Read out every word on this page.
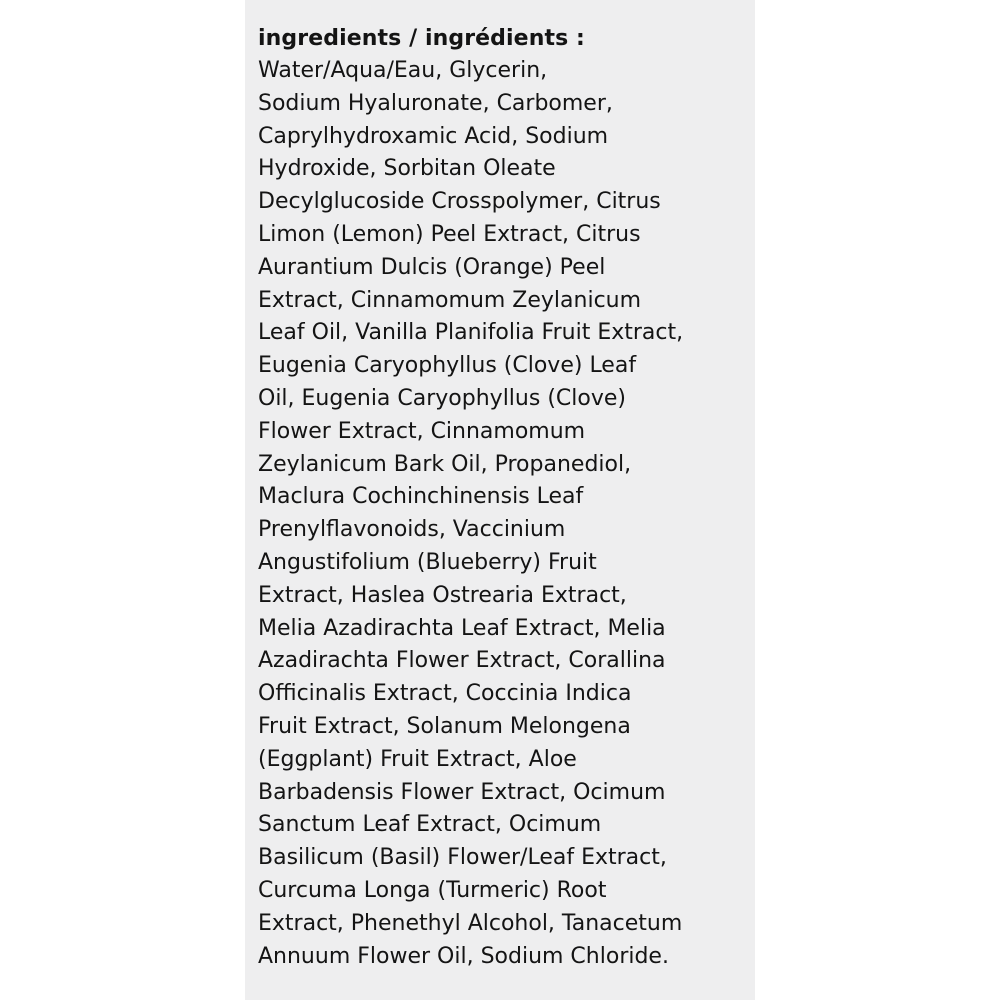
ingredients / ingrédients :

Water/Aqua/Eau, Glycerin,
Sodium Hyaluronate, Carbomer,
Caprylhydroxamic Acid, Sodium
Hydroxide, Sorbitan Oleate
Decylglucoside Crosspolymer, Citrus
Limon (Lemon) Peel Extract, Citrus
Aurantium Dulcis (Orange) Peel
Extract, Cinnamomum Zeylanicum
Leaf Oil, Vanilla Planifolia Fruit Extract,
Eugenia Caryophyllus (Clove) Leaf
Oil, Eugenia Caryophyllus (Clove)
Flower Extract, Cinnamomum
Zeylanicum Bark Oil, Propanediol,
Maclura Cochinchinensis Leaf
Prenylflavonoids, Vaccinium
Angustifolium (Blueberry) Fruit
Extract, Haslea Ostrearia Extract,
Melia Azadirachta Leaf Extract, Melia
Azadirachta Flower Extract, Corallina
Officinalis Extract, Coccinia Indica
Fruit Extract, Solanum Melongena
(Eggplant) Fruit Extract, Aloe
Barbadensis Flower Extract, Ocimum
Sanctum Leaf Extract, Ocimum
Basilicum (Basil) Flower/Leaf Extract,
Curcuma Longa (Turmeric) Root
Extract, Phenethyl Alcohol, Tanacetum
Annuum Flower Oil, Sodium Chloride.
